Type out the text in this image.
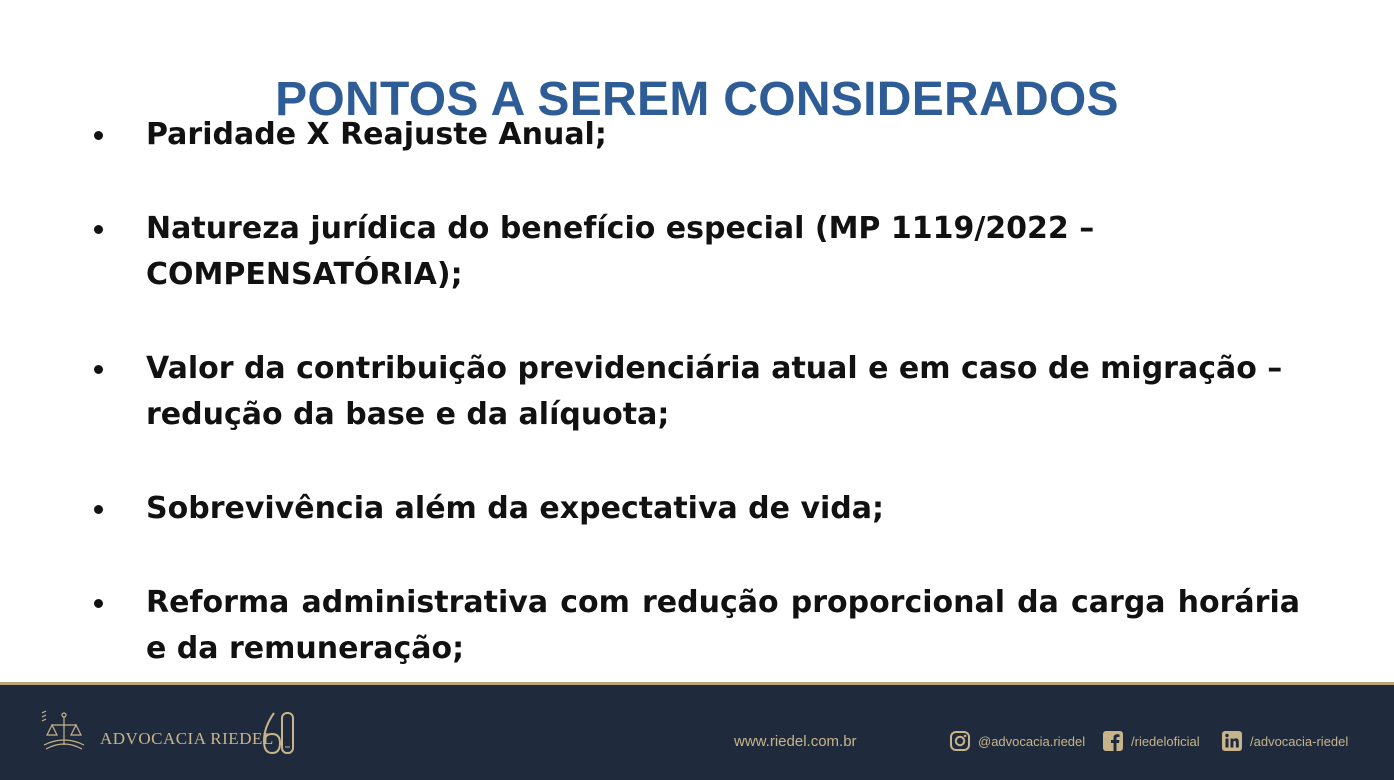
PONTOS A SEREM CONSIDERADOS
Paridade X Reajuste Anual;
Natureza jurídica do benefício especial (MP 1119/2022 – COMPENSATÓRIA);
Valor da contribuição previdenciária atual e em caso de migração – redução da base e da alíquota;
Sobrevivência além da expectativa de vida;
Reforma administrativa com redução proporcional da carga horária e da remuneração;
ADVOCACIA RIEDEL	www.riedel.com.br	@advocacia.riedel	/riedeloficial	/advocacia-riedel
